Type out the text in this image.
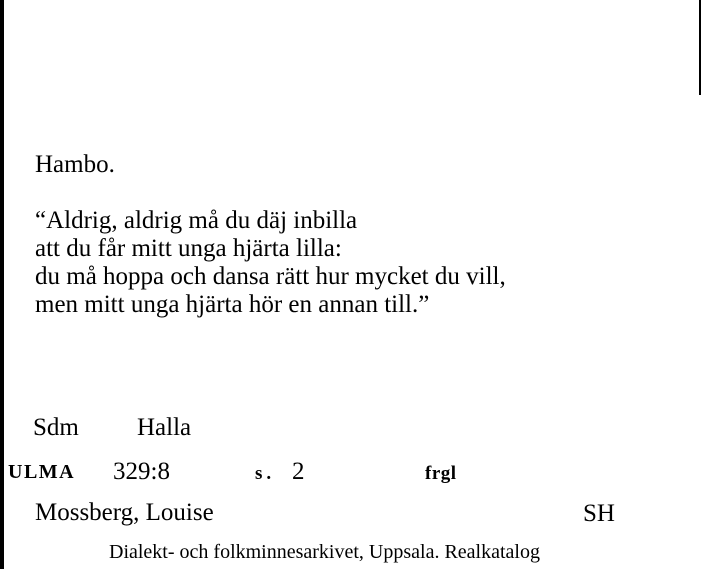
Hambo.
“Aldrig, aldrig må du däj inbilla
att du får mitt unga hjärta lilla:
du må hoppa och dansa rätt hur mycket du vill,
men mitt unga hjärta hör en annan till.”
Sdm Halla
ULMA 329:8	s. 2	frgl
Mossberg, Louise	SH
Dialekt- och folkminnesarkivet, Uppsala. Realkatalog
